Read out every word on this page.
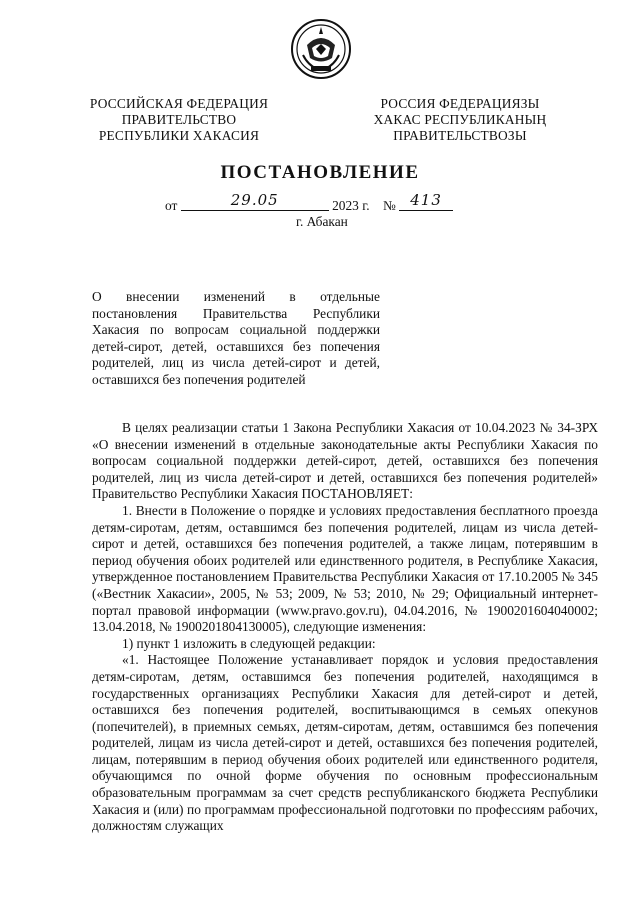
РОССИЙСКАЯ ФЕДЕРАЦИЯ
ПРАВИТЕЛЬСТВО
РЕСПУБЛИКИ ХАКАСИЯ
РОССИЯ ФЕДЕРАЦИЯЗЫ
ХАКАС РЕСПУБЛИКАНЫҢ
ПРАВИТЕЛЬСТВОЗЫ
ПОСТАНОВЛЕНИЕ
от	29.05	2023 г. № 413
г. Абакан
О внесении изменений в отдельные постановления Правительства Республики Хакасия по вопросам социальной поддержки детей-сирот, детей, оставшихся без попечения родителей, лиц из числа детей-сирот и детей, оставшихся без попечения родителей

В целях реализации статьи 1 Закона Республики Хакасия от 10.04.2023 № 34-ЗРХ «О внесении изменений в отдельные законодательные акты Республики Хакасия по вопросам социальной поддержки детей-сирот, детей, оставшихся без попечения родителей, лиц из числа детей-сирот и детей, оставшихся без попечения родителей» Правительство Республики Хакасия ПОСТАНОВЛЯЕТ:

1. Внести в Положение о порядке и условиях предоставления бесплатного проезда детям-сиротам, детям, оставшимся без попечения родителей, лицам из числа детей-сирот и детей, оставшихся без попечения родителей, а также лицам, потерявшим в период обучения обоих родителей или единственного родителя, в Республике Хакасия, утвержденное постановлением Правительства Республики Хакасия от 17.10.2005 № 345 («Вестник Хакасии», 2005, № 53; 2009, № 53; 2010, № 29; Официальный интернет-портал правовой информации (www.pravo.gov.ru), 04.04.2016, № 1900201604040002; 13.04.2018, № 1900201804130005), следующие изменения:

1) пункт 1 изложить в следующей редакции:

«1. Настоящее Положение устанавливает порядок и условия предоставления детям-сиротам, детям, оставшимся без попечения родителей, находящимся в государственных организациях Республики Хакасия для детей-сирот и детей, оставшихся без попечения родителей, воспитывающимся в семьях опекунов (попечителей), в приемных семьях, детям-сиротам, детям, оставшимся без попечения родителей, лицам из числа детей-сирот и детей, оставшихся без попечения родителей, лицам, потерявшим в период обучения обоих родителей или единственного родителя, обучающимся по очной форме обучения по основным профессиональным образовательным программам за счет средств республиканского бюджета Республики Хакасия и (или) по программам профессиональной подготовки по профессиям рабочих, должностям служащих
